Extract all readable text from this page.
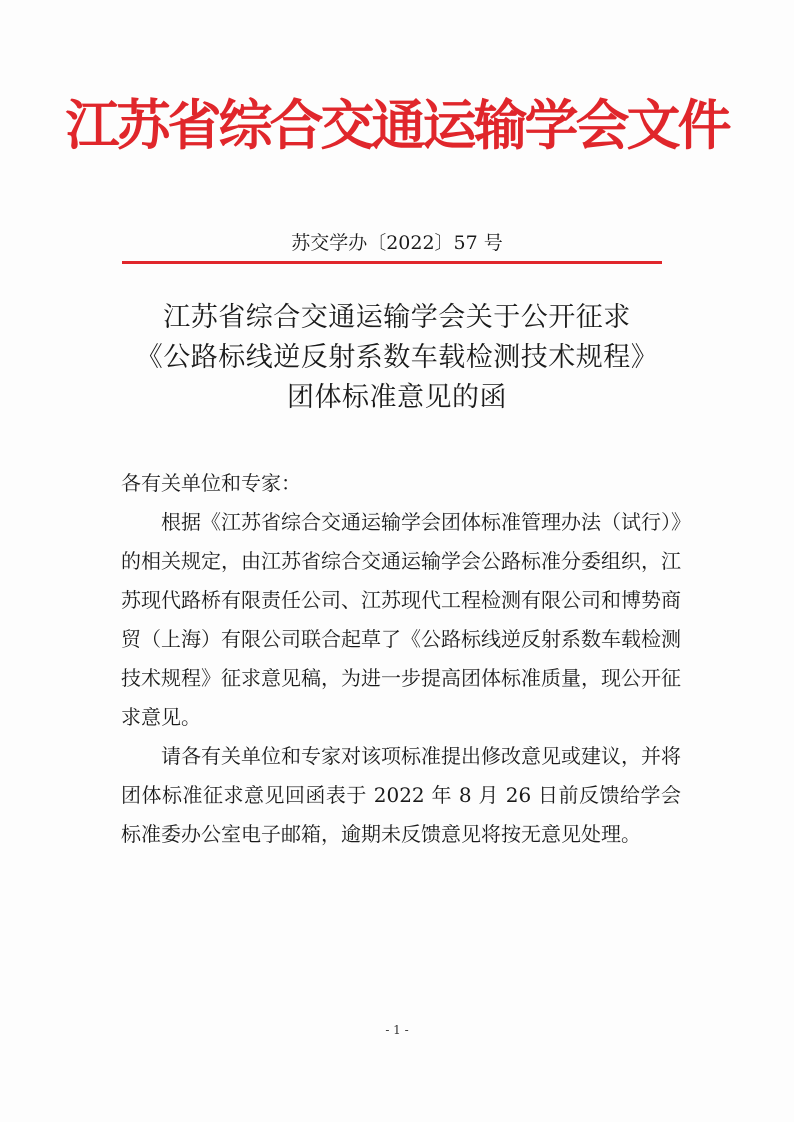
江苏省综合交通运输学会文件
苏交学办〔2022〕57 号
江苏省综合交通运输学会关于公开征求
《公路标线逆反射系数车载检测技术规程》
团体标准意见的函

各有关单位和专家：

根据《江苏省综合交通运输学会团体标准管理办法（试行）》的相关规定，由江苏省综合交通运输学会公路标准分委组织，江苏现代路桥有限责任公司、江苏现代工程检测有限公司和博势商贸（上海）有限公司联合起草了《公路标线逆反射系数车载检测技术规程》征求意见稿，为进一步提高团体标准质量，现公开征求意见。

请各有关单位和专家对该项标准提出修改意见或建议，并将团体标准征求意见回函表于 2022 年 8 月 26 日前反馈给学会标准委办公室电子邮箱，逾期未反馈意见将按无意见处理。

- 1 -
